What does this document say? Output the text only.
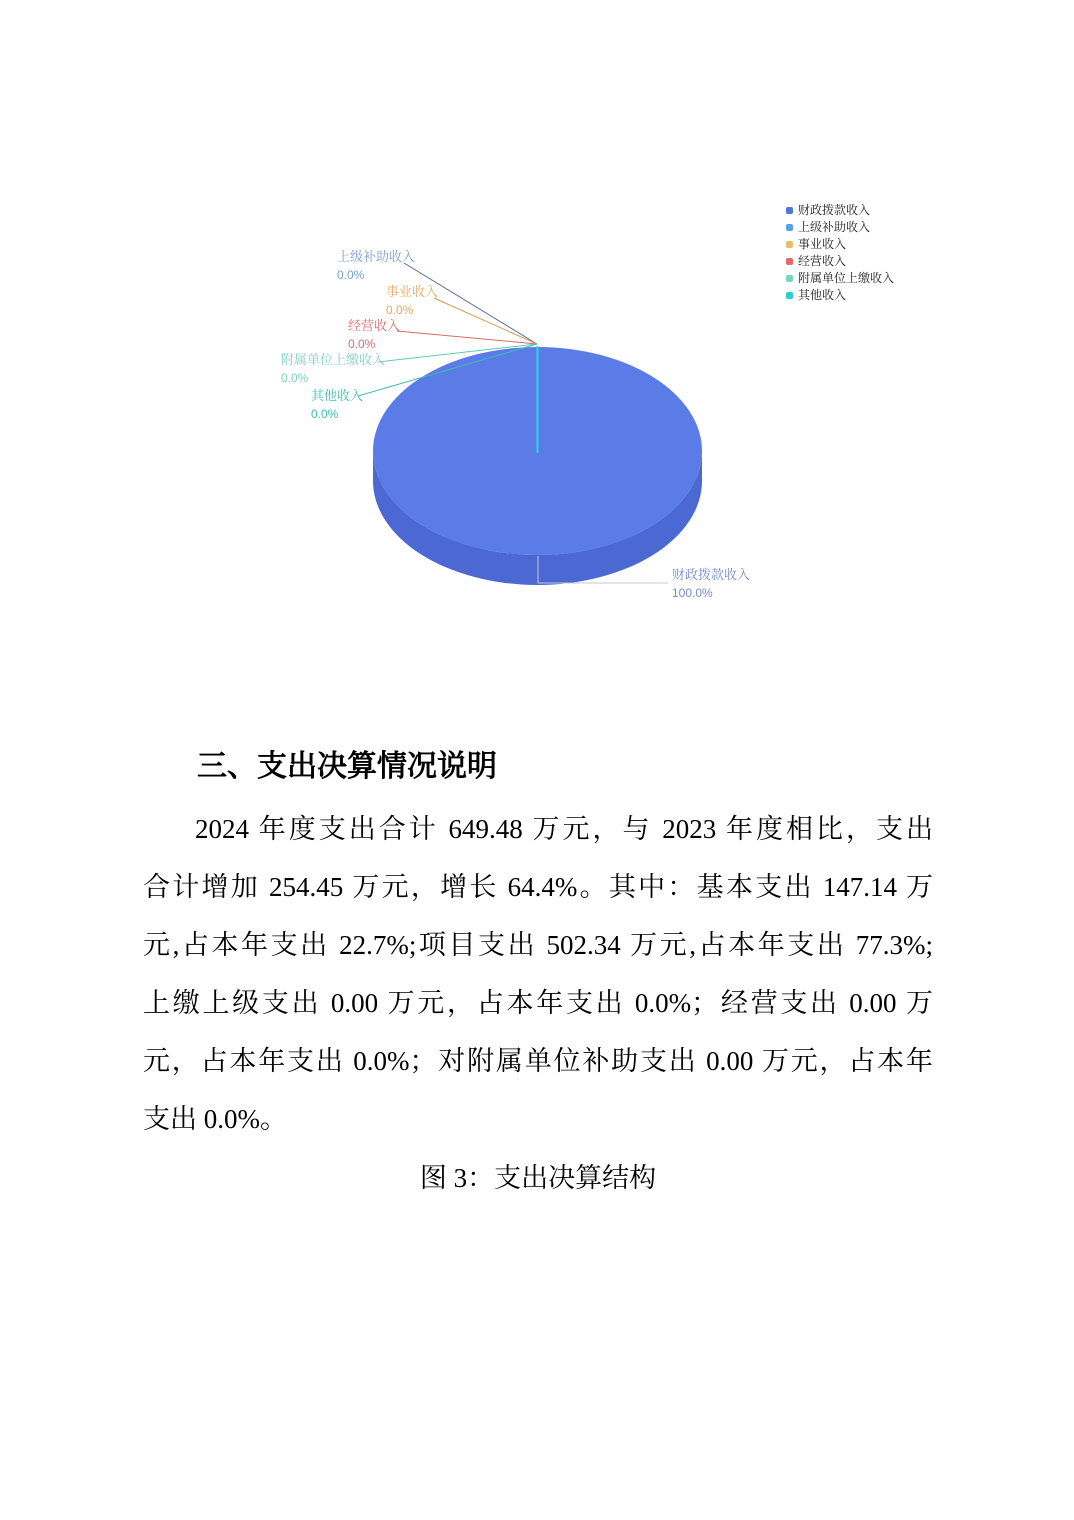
上级补助收入
0.0%
事业收入
0.0%
经营收入
0.0%
附属单位上缴收入
0.0%
其他收入
0.0%
财政拨款收入
100.0%
财政拨款收入
上级补助收入
事业收入
经营收入
附属单位上缴收入
其他收入
三、支出决算情况说明
2024 年度支出合计 649.48 万元，与 2023 年度相比，支出
合计增加 254.45 万元，增长 64.4%。其中：基本支出 147.14 万
元,占本年支出 22.7%;项目支出 502.34 万元,占本年支出 77.3%;
上缴上级支出 0.00 万元，占本年支出 0.0%；经营支出 0.00 万
元，占本年支出 0.0%；对附属单位补助支出 0.00 万元，占本年
支出 0.0%。
图 3：支出决算结构
